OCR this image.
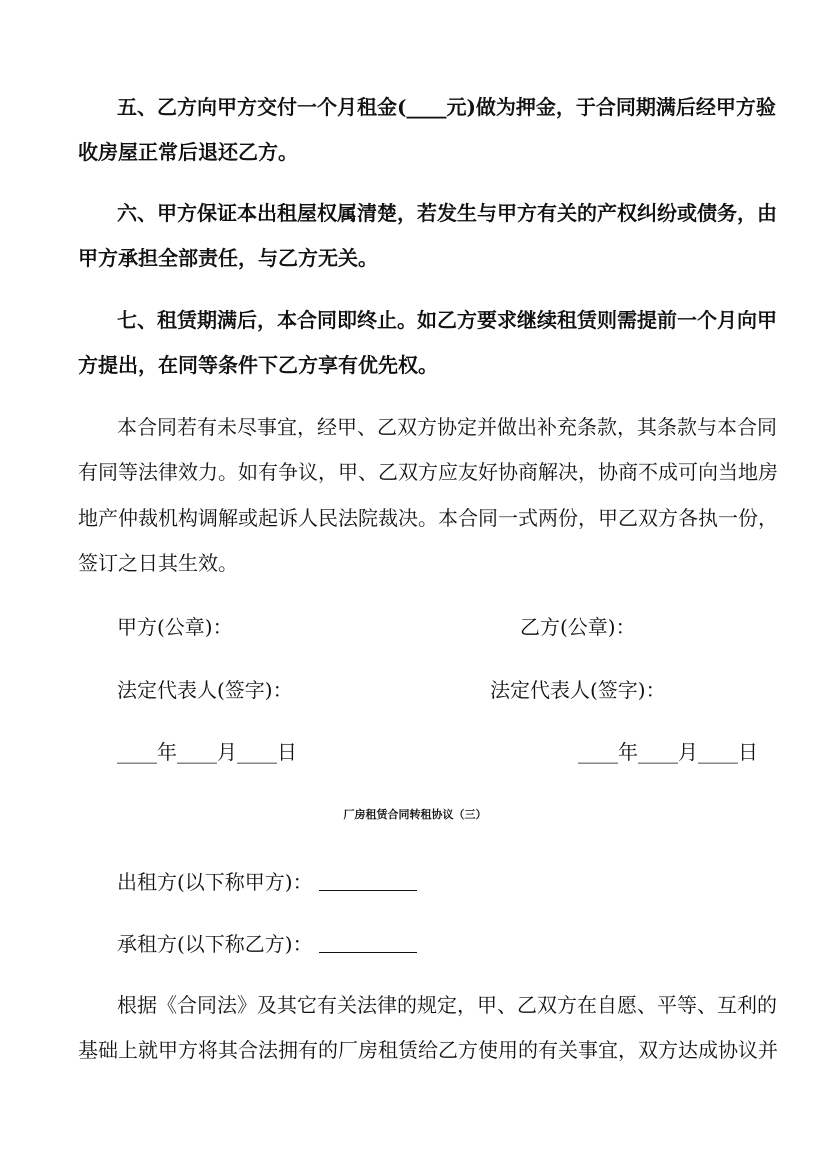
五、乙方向甲方交付一个月租金(____元)做为押金，于合同期满后经甲方验
收房屋正常后退还乙方。
六、甲方保证本出租屋权属清楚，若发生与甲方有关的产权纠纷或债务，由
甲方承担全部责任，与乙方无关。
七、租赁期满后，本合同即终止。如乙方要求继续租赁则需提前一个月向甲
方提出，在同等条件下乙方享有优先权。
本合同若有未尽事宜，经甲、乙双方协定并做出补充条款，其条款与本合同
有同等法律效力。如有争议，甲、乙双方应友好协商解决，协商不成可向当地房
地产仲裁机构调解或起诉人民法院裁决。本合同一式两份，甲乙双方各执一份，
签订之日其生效。
甲方(公章)：	乙方(公章)：
法定代表人(签字)：	法定代表人(签字)：
____年____月____日	____年____月____日
厂房租赁合同转租协议（三）
出租方(以下称甲方)：
承租方(以下称乙方)：
根据《合同法》及其它有关法律的规定，甲、乙双方在自愿、平等、互利的
基础上就甲方将其合法拥有的厂房租赁给乙方使用的有关事宜，双方达成协议并
